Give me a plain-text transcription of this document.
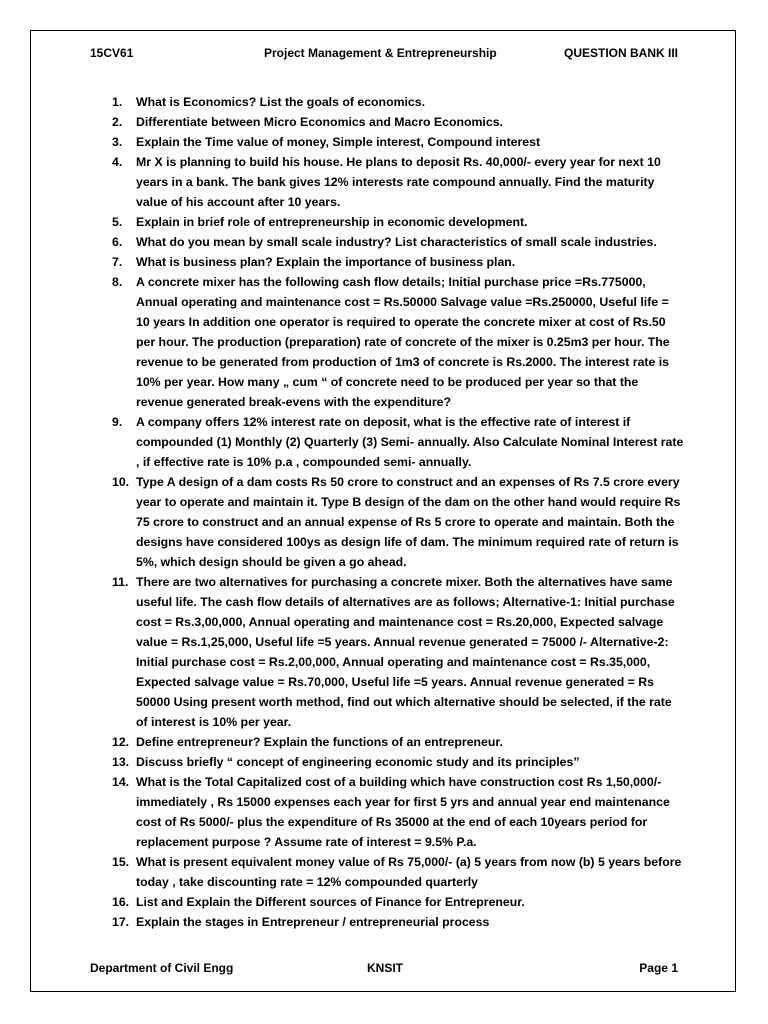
15CV61	Project Management & Entrepreneurship	QUESTION BANK III
1.	What is Economics? List the goals of economics.
2.	Differentiate between Micro Economics and Macro Economics.
3.	Explain the Time value of money, Simple interest, Compound interest
4.	Mr X is planning to build his house. He plans to deposit Rs. 40,000/- every year for next 10 years in a bank. The bank gives 12% interests rate compound annually. Find the maturity value of his account after 10 years.
5.	Explain in brief role of entrepreneurship in economic development.
6.	What do you mean by small scale industry? List characteristics of small scale industries.
7.	What is business plan? Explain the importance of business plan.
8.	A concrete mixer has the following cash flow details; Initial purchase price =Rs.775000, Annual operating and maintenance cost = Rs.50000 Salvage value =Rs.250000, Useful life = 10 years In addition one operator is required to operate the concrete mixer at cost of Rs.50 per hour. The production (preparation) rate of concrete of the mixer is 0.25m3 per hour. The revenue to be generated from production of 1m3 of concrete is Rs.2000. The interest rate is 10% per year. How many „ cum “ of concrete need to be produced per year so that the revenue generated break-evens with the expenditure?
9.	A company offers 12% interest rate on deposit, what is the effective rate of interest if compounded (1) Monthly (2) Quarterly (3) Semi- annually. Also Calculate Nominal Interest rate , if effective rate is 10% p.a , compounded semi- annually.
10. Type A design of a dam costs Rs 50 crore to construct and an expenses of Rs 7.5 crore every year to operate and maintain it. Type B design of the dam on the other hand would require Rs 75 crore to construct and an annual expense of Rs 5 crore to operate and maintain. Both the designs have considered 100ys as design life of dam. The minimum required rate of return is 5%, which design should be given a go ahead.
11. There are two alternatives for purchasing a concrete mixer. Both the alternatives have same useful life. The cash flow details of alternatives are as follows; Alternative-1: Initial purchase cost = Rs.3,00,000, Annual operating and maintenance cost = Rs.20,000, Expected salvage value = Rs.1,25,000, Useful life =5 years. Annual revenue generated = 75000 /- Alternative-2: Initial purchase cost = Rs.2,00,000, Annual operating and maintenance cost = Rs.35,000, Expected salvage value = Rs.70,000, Useful life =5 years. Annual revenue generated = Rs 50000 Using present worth method, find out which alternative should be selected, if the rate of interest is 10% per year.
12. Define entrepreneur? Explain the functions of an entrepreneur.
13. Discuss briefly “ concept of engineering economic study and its principles”
14. What is the Total Capitalized cost of a building which have construction cost Rs 1,50,000/- immediately , Rs 15000 expenses each year for first 5 yrs and annual year end maintenance cost of Rs 5000/- plus the expenditure of Rs 35000 at the end of each 10years period for replacement purpose ? Assume rate of interest = 9.5% P.a.
15. What is present equivalent money value of Rs 75,000/- (a) 5 years from now (b) 5 years before today , take discounting rate = 12% compounded quarterly
16. List and Explain the Different sources of Finance for Entrepreneur.
17. Explain the stages in Entrepreneur / entrepreneurial process
Department of Civil Engg	KNSIT	Page 1
